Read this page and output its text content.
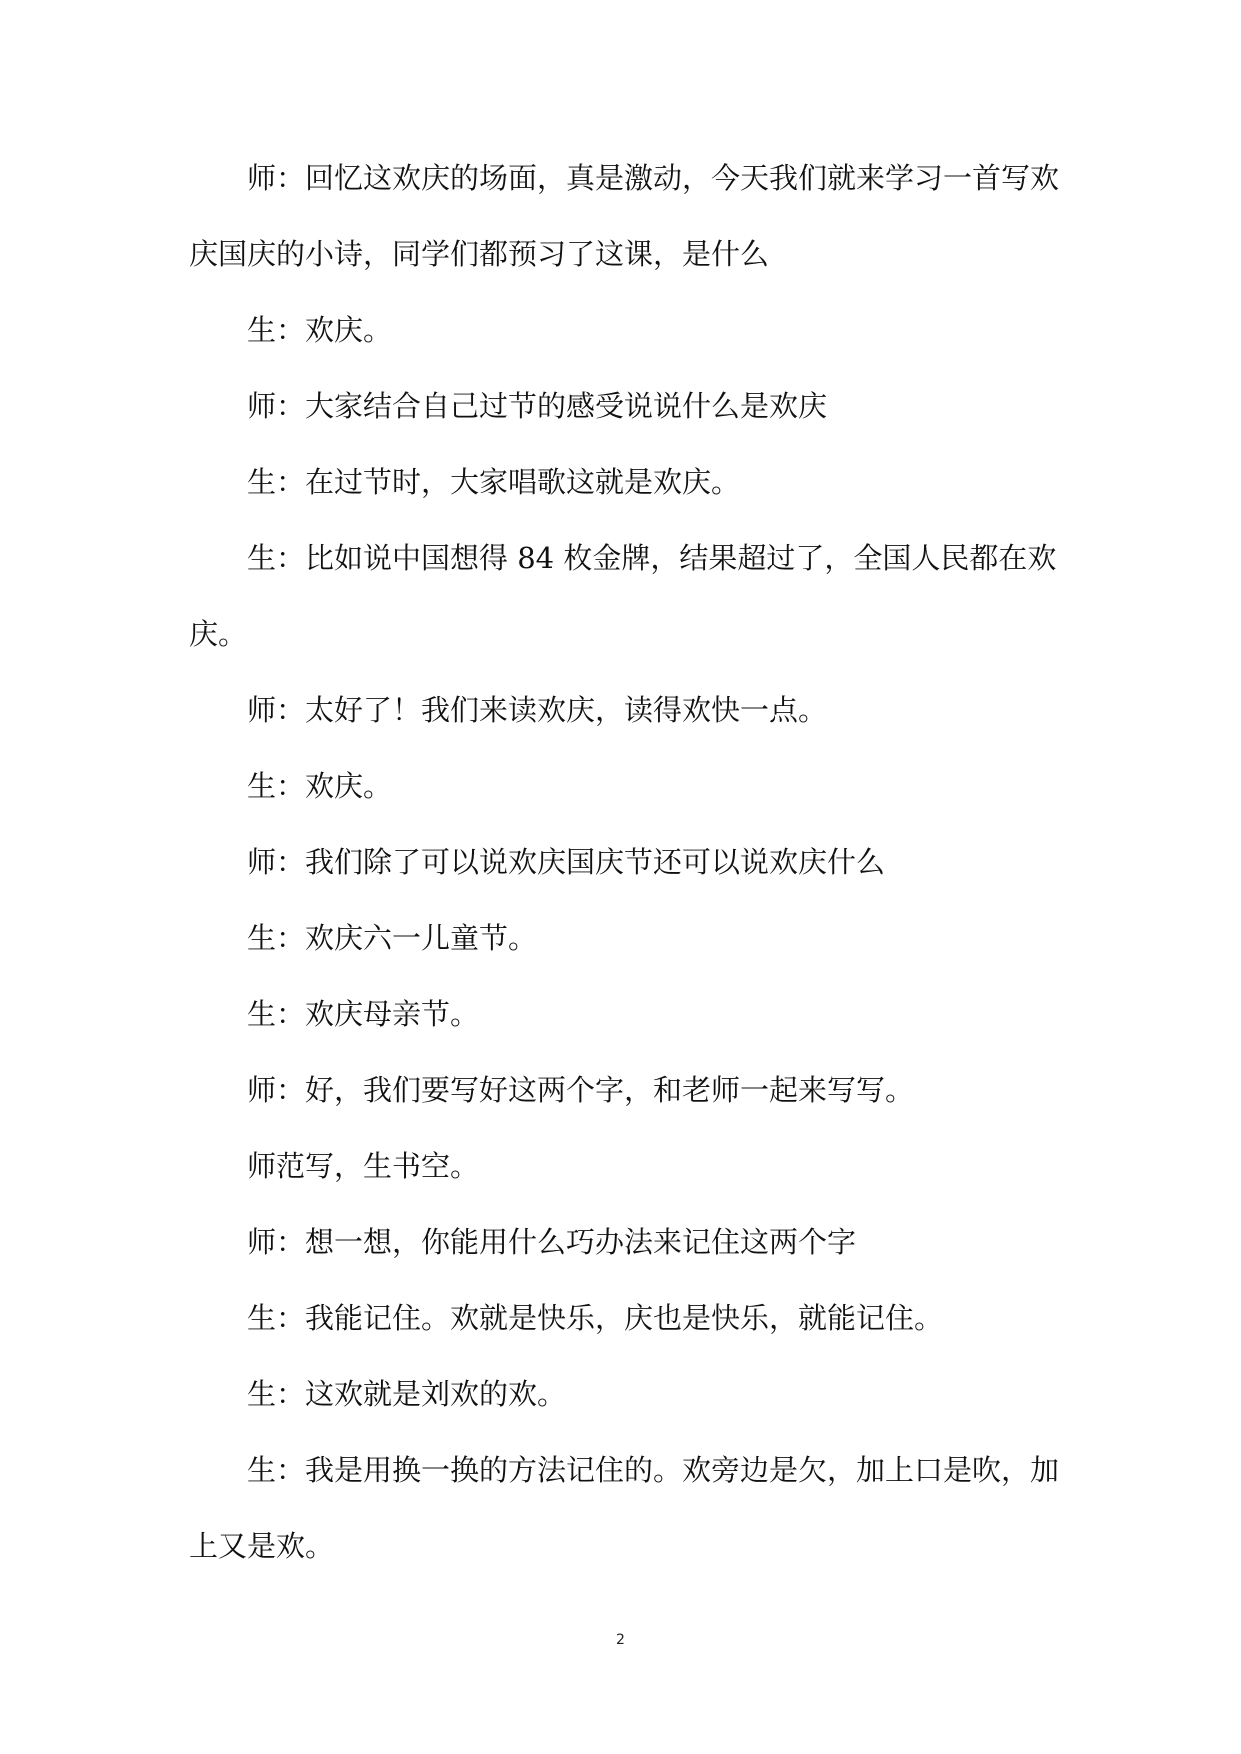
师：回忆这欢庆的场面，真是激动，今天我们就来学习一首写欢庆国庆的小诗，同学们都预习了这课，是什么

生：欢庆。

师：大家结合自己过节的感受说说什么是欢庆

生：在过节时，大家唱歌这就是欢庆。

生：比如说中国想得 84 枚金牌，结果超过了，全国人民都在欢庆。

师：太好了！我们来读欢庆，读得欢快一点。

生：欢庆。

师：我们除了可以说欢庆国庆节还可以说欢庆什么

生：欢庆六一儿童节。

生：欢庆母亲节。

师：好，我们要写好这两个字，和老师一起来写写。

师范写，生书空。

师：想一想，你能用什么巧办法来记住这两个字

生：我能记住。欢就是快乐，庆也是快乐，就能记住。

生：这欢就是刘欢的欢。

生：我是用换一换的方法记住的。欢旁边是欠，加上口是吹，加上又是欢。

2
